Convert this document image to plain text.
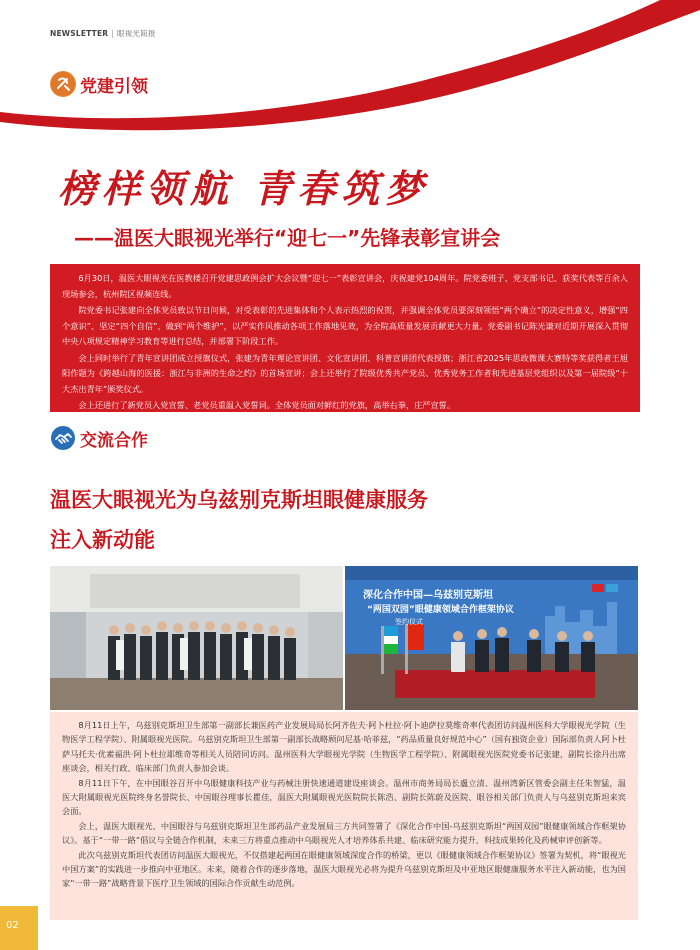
NEWSLETTER | 眼视光简报
党建引领
榜样领航 青春筑梦
——温医大眼视光举行“迎七一”先锋表彰宣讲会

6月30日，温医大眼视光在医教楼召开党建思政例会扩大会议暨“迎七一”表彰宣讲会，庆祝建党104周年。院党委班子、党支部书记、获奖代表等百余人现场参会，杭州院区视频连线。

院党委书记张建向全体党员致以节日问候，对受表彰的先进集体和个人表示热烈的祝贺，并强调全体党员要深刻领悟“两个确立”的决定性意义，增强“四个意识”、坚定“四个自信”、做到“两个维护”，以严实作风推动各项工作落地见效，为全院高质量发展贡献更大力量。党委副书记陈光谦对近期开展深入贯彻中央八项规定精神学习教育等进行总结，并部署下阶段工作。

会上同时举行了青年宣讲团成立授旗仪式，张建为青年理论宣讲团、文化宣讲团、科普宣讲团代表授旗；浙江省2025年思政微课大赛特等奖获得者王旭阳作题为《跨越山海的医援：浙江与非洲的生命之约》的首场宣讲；会上还举行了院级优秀共产党员、优秀党务工作者和先进基层党组织以及第一届院级“十大杰出青年”颁奖仪式。

会上还进行了新党员入党宣誓、老党员重温入党誓词。全体党员面对鲜红的党旗，高举右拳，庄严宣誓。

交流合作
温医大眼视光为乌兹别克斯坦眼健康服务
注入新动能
深化合作中国—乌兹别克斯坦
“两国双园”眼健康领域合作框架协议
签约仪式

8月11日上午，乌兹别克斯坦卫生部第一副部长兼医药产业发展局局长阿齐佐夫·阿卜杜拉·阿卜迪萨拉莫维奇率代表团访问温州医科大学眼视光学院（生物医学工程学院）、附属眼视光医院。乌兹别克斯坦卫生部第一副部长战略顾问尼基·哈菲兹，“药品质量良好规范中心”（国有独资企业）国际部负责人阿卜杜萨马托夫·优素福洪·阿卜杜拉耶维奇等相关人员陪同访问。温州医科大学眼视光学院（生物医学工程学院）、附属眼视光医院党委书记张建，副院长徐丹出席座谈会，相关行政、临床部门负责人参加会谈。

8月11日下午，在中国眼谷召开中乌眼健康科技产业与药械注册快速通道建设座谈会。温州市商务局局长盧立清、温州湾新区管委会副主任朱智猛，温医大附属眼视光医院终身名誉院长、中国眼谷理事长瞿佳，温医大附属眼视光医院院长陈浩、副院长陈蔚及医院、眼谷相关部门负责人与乌兹别克斯坦来宾会面。

会上，温医大眼视光、中国眼谷与乌兹别克斯坦卫生部药品产业发展局三方共同签署了《深化合作中国-乌兹别克斯坦“两国双园”眼健康领域合作框架协议》。基于“一带一路”倡议与全链合作机制，未来三方将重点推动中乌眼视光人才培养体系共建、临床研究能力提升、科技成果转化及药械审评创新等。

此次乌兹别克斯坦代表团访问温医大眼视光，不仅搭建起两国在眼健康领域深度合作的桥梁，更以《眼健康领域合作框架协议》签署为契机，将“眼视光中国方案”的实践进一步推向中亚地区。未来，随着合作的逐步落地，温医大眼视光必将为提升乌兹别克斯坦及中亚地区眼健康服务水平注入新动能，也为国家“一带一路”战略背景下医疗卫生领域的国际合作贡献生动范例。

02
